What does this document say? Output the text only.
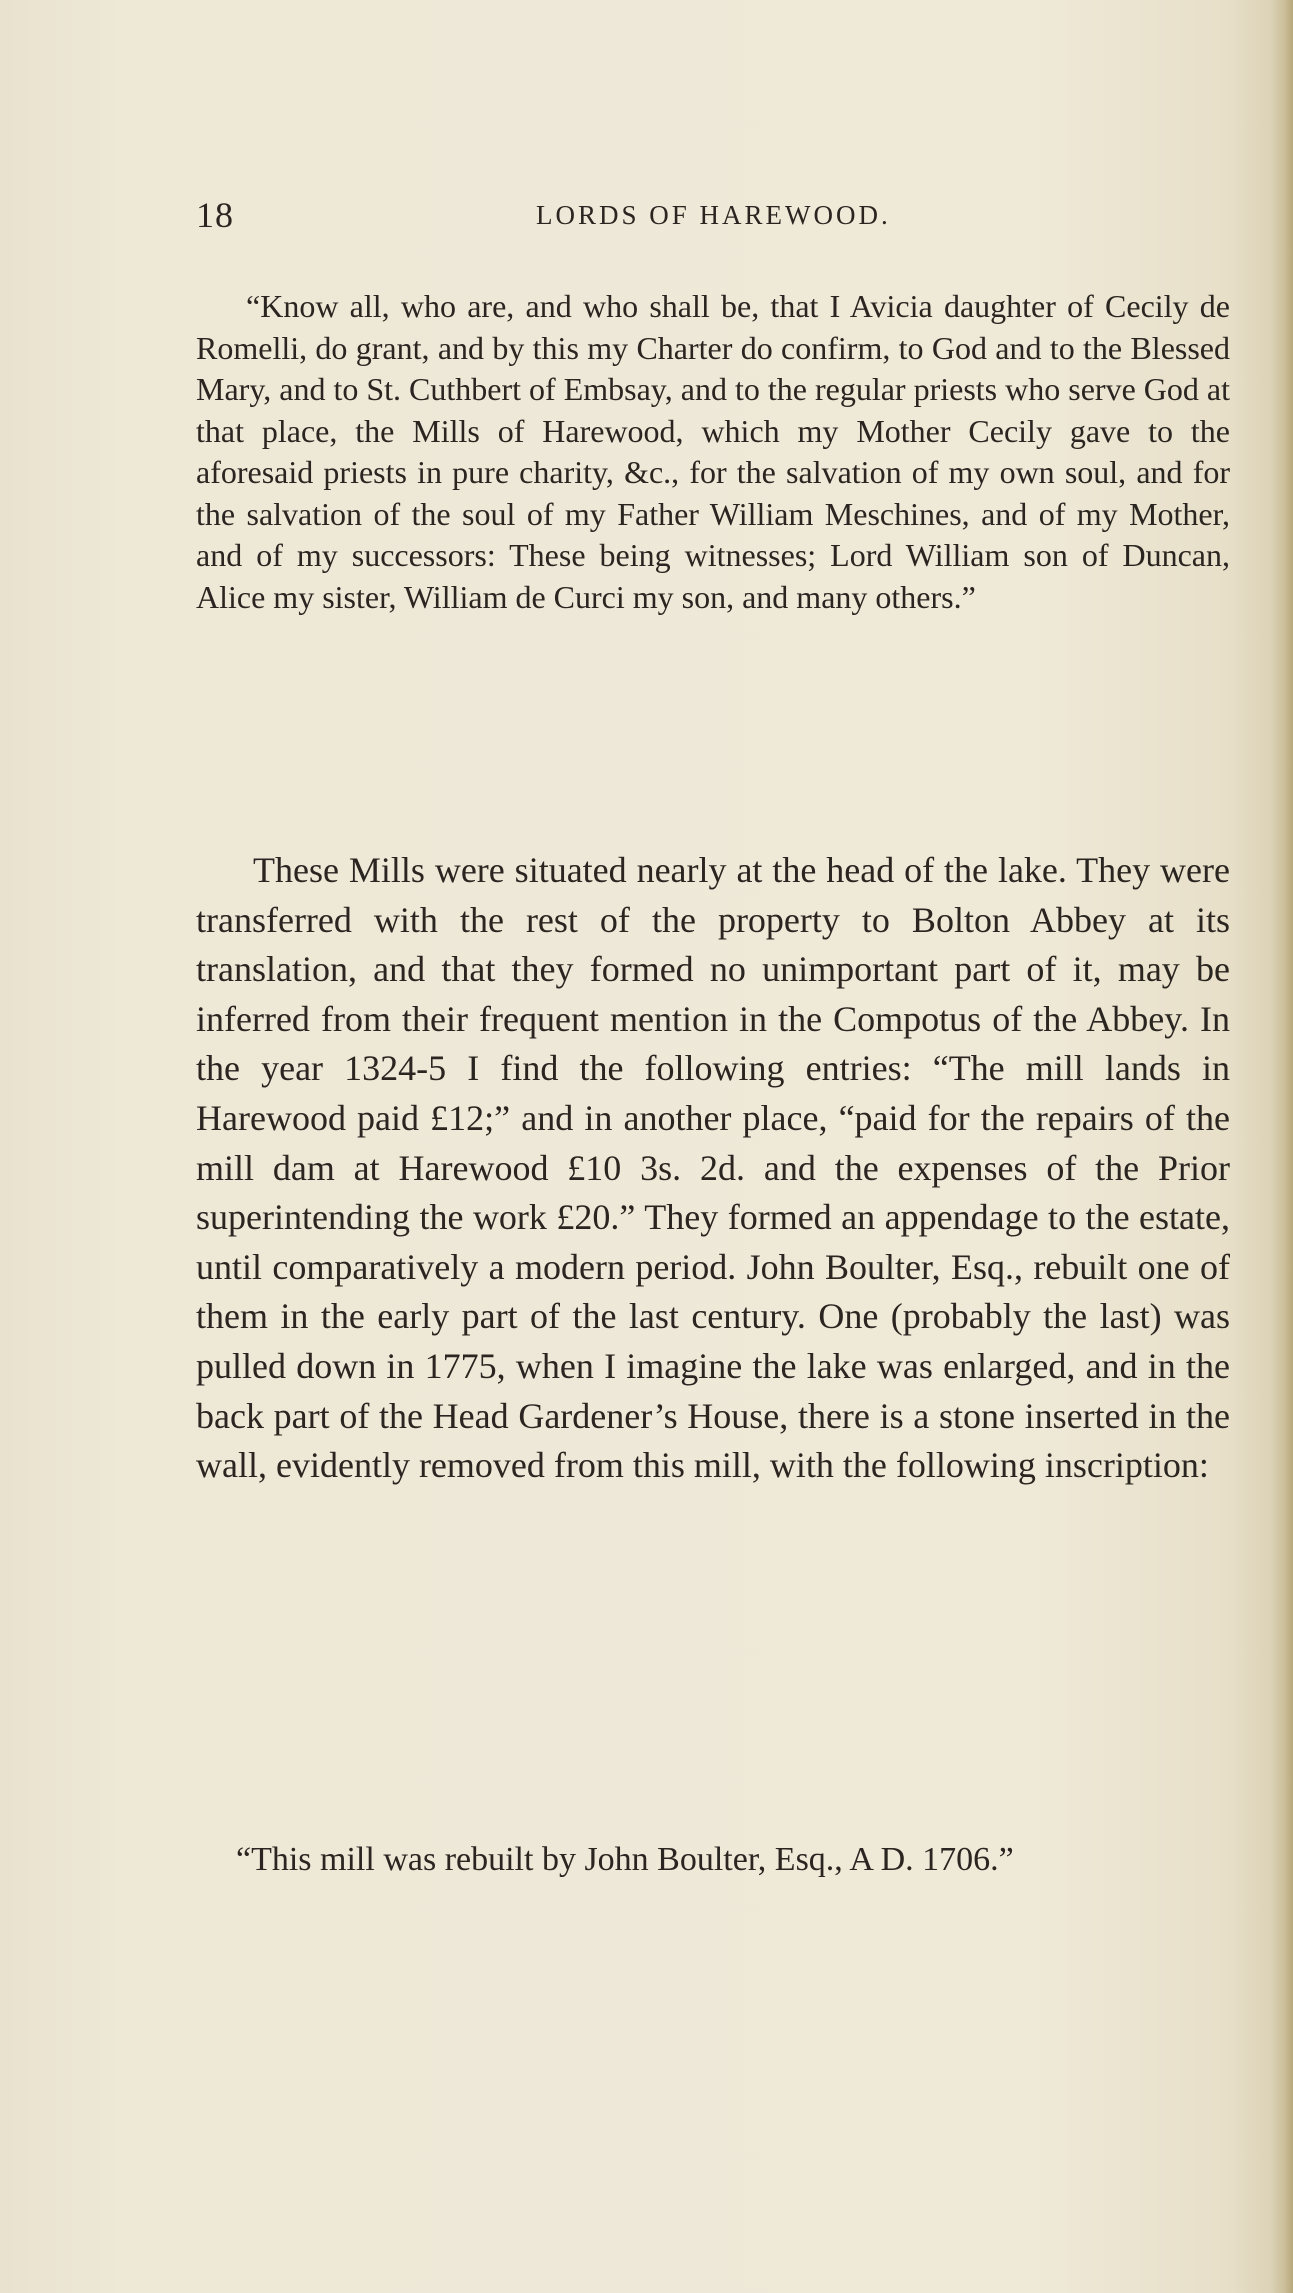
18	LORDS OF HAREWOOD.

“Know all, who are, and who shall be, that I Avicia daughter of Cecily de Romelli, do grant, and by this my Charter do confirm, to God and to the Blessed Mary, and to St. Cuthbert of Embsay, and to the regular priests who serve God at that place, the Mills of Harewood, which my Mother Cecily gave to the aforesaid priests in pure charity, &c., for the salvation of my own soul, and for the salvation of the soul of my Father William Meschines, and of my Mother, and of my successors: These being witnesses; Lord William son of Duncan, Alice my sister, William de Curci my son, and many others.”

These Mills were situated nearly at the head of the lake. They were transferred with the rest of the property to Bolton Abbey at its translation, and that they formed no unimportant part of it, may be inferred from their frequent mention in the Compotus of the Abbey. In the year 1324-5 I find the following entries: “The mill lands in Harewood paid £12;” and in another place, “paid for the repairs of the mill dam at Harewood £10 3s. 2d. and the expenses of the Prior superintending the work £20.” They formed an appendage to the estate, until comparatively a modern period. John Boulter, Esq., rebuilt one of them in the early part of the last century. One (probably the last) was pulled down in 1775, when I imagine the lake was enlarged, and in the back part of the Head Gardener’s House, there is a stone inserted in the wall, evidently removed from this mill, with the following inscription:

“This mill was rebuilt by John Boulter, Esq., A D. 1706.”
